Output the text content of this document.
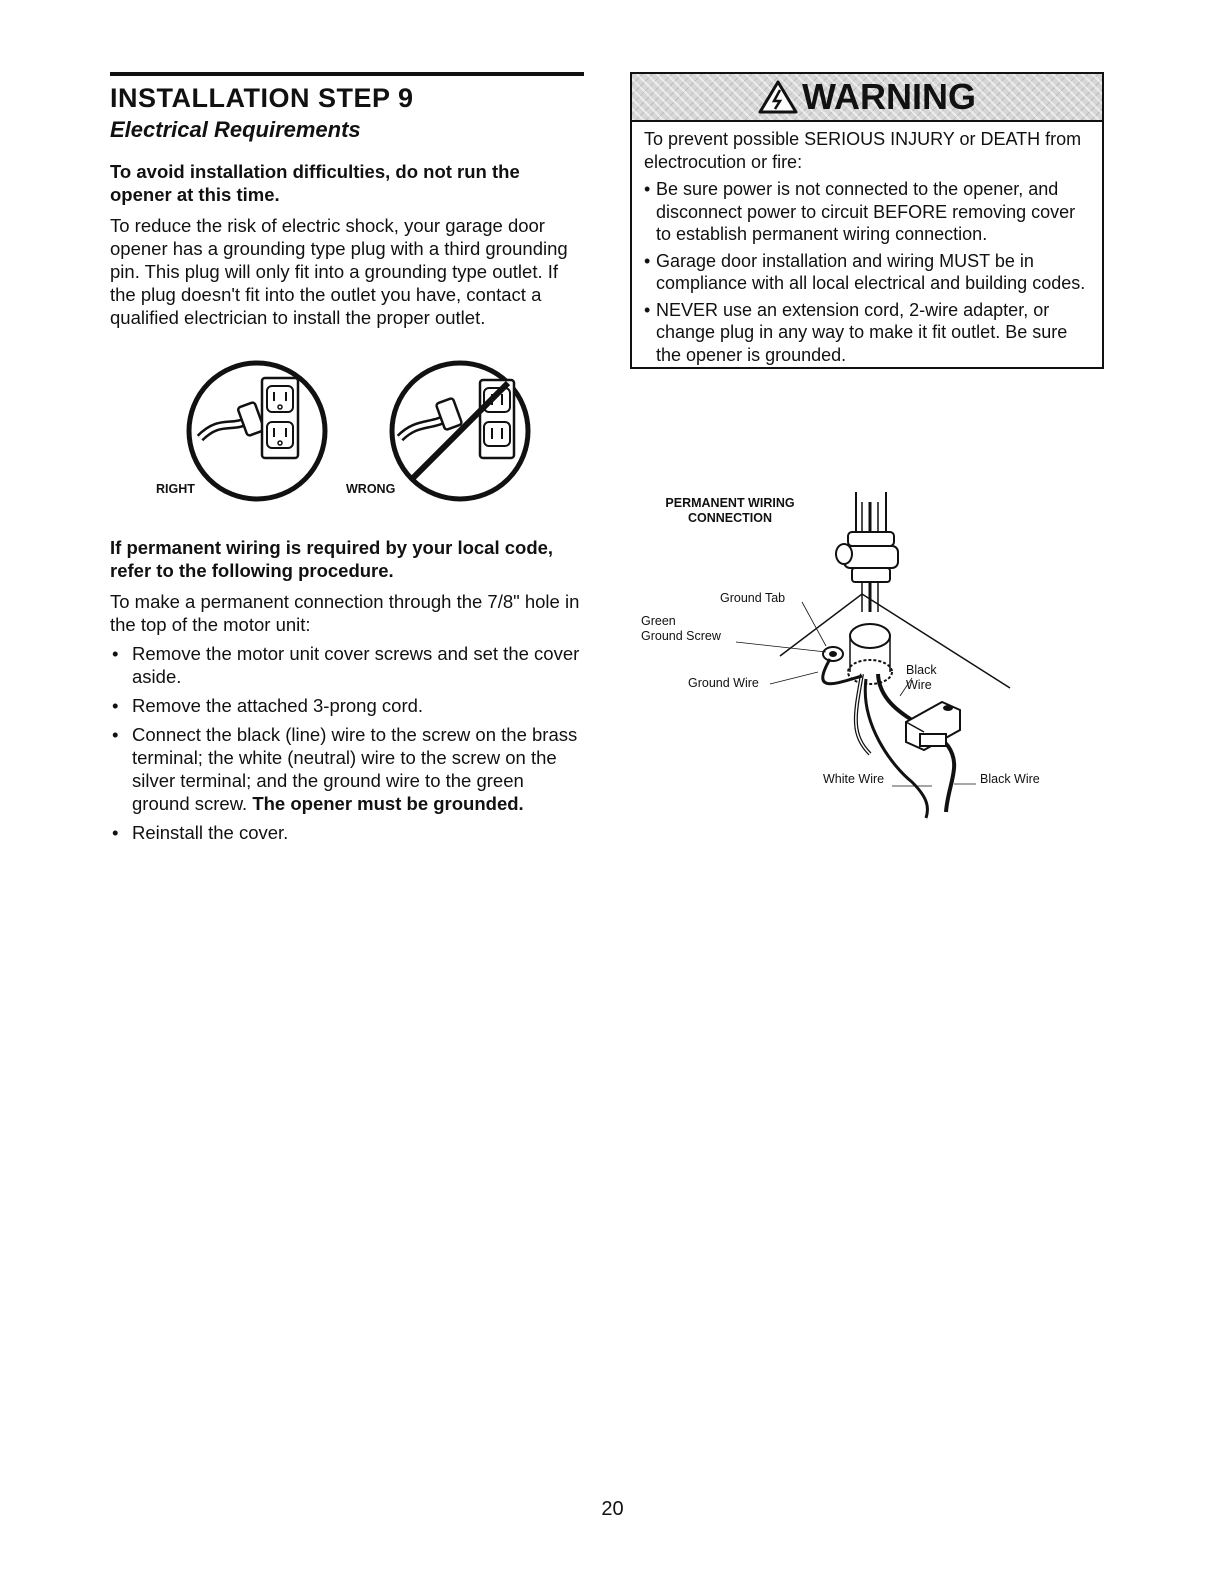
INSTALLATION STEP 9
Electrical Requirements

To avoid installation difficulties, do not run the opener at this time.

To reduce the risk of electric shock, your garage door opener has a grounding type plug with a third grounding pin. This plug will only fit into a grounding type outlet. If the plug doesn't fit into the outlet you have, contact a qualified electrician to install the proper outlet.

RIGHT	WRONG

If permanent wiring is required by your local code, refer to the following procedure.

To make a permanent connection through the 7/8" hole in the top of the motor unit:

• Remove the motor unit cover screws and set the cover aside.
• Remove the attached 3-prong cord.
• Connect the black (line) wire to the screw on the brass terminal; the white (neutral) wire to the screw on the silver terminal; and the ground wire to the green ground screw. The opener must be grounded.
• Reinstall the cover.
WARNING

To prevent possible SERIOUS INJURY or DEATH from electrocution or fire:

• Be sure power is not connected to the opener, and disconnect power to circuit BEFORE removing cover to establish permanent wiring connection.
• Garage door installation and wiring MUST be in compliance with all local electrical and building codes.
• NEVER use an extension cord, 2-wire adapter, or change plug in any way to make it fit outlet. Be sure the opener is grounded.
PERMANENT WIRING
CONNECTION
Ground Tab
Green
Ground Screw
Ground Wire
Black
Wire
White Wire	Black Wire
20
